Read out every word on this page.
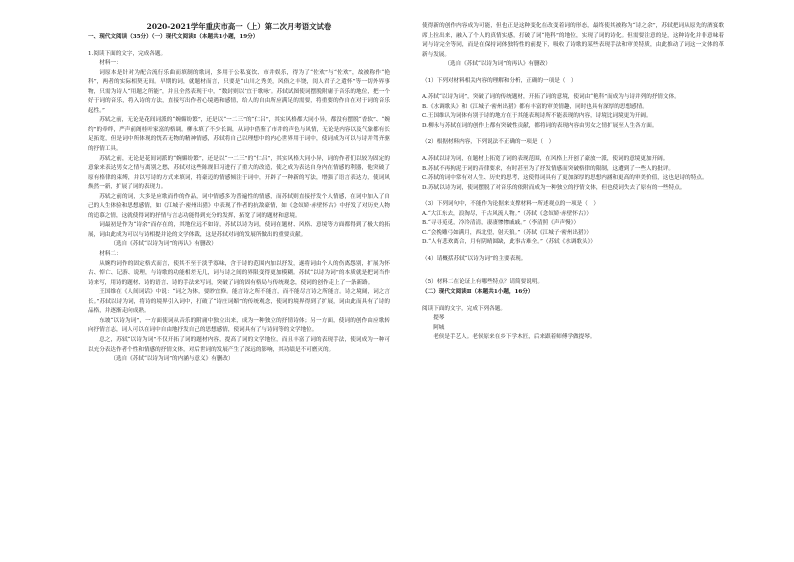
2020-2021学年重庆市高一（上）第二次月考语文试卷

一、现代文阅读（35分）（一）现代文阅读Ⅰ（本题共1小题，19分）

1.阅读下面的文字，完成各题。

材料一：

词原本是针对为配合流行乐曲而填制的歌词，多用于公私宴饮、市井娱乐，得为了“佐欢”与“佐欢”，故被称作“艳科”，两者的实际相契无间。早期的词，就题材而言，只要是“山川之秀美，风俗之丰饶，闺人君子之遣怀”等一切外界事物，只需为诗人“用题之所能”，并且全然表现于中，“数封则以‘宜于歌咏’。苏轼试图使词摆脱附庸于音乐的地位，把一个好于词的音乐，将入诗的方法，直接写出作者心境遇和感情，给人的自由所应满足的需要，将重要的作自在对于词的音乐起性。”

苏轼之前，无论是花间词派的“婉媚纷繁”，还是以“一二三”的“仁吕”，其实风格都大同小异，都没有摆脱“香软”、“婉约”的牵绊，严声前阁桂叶家富的格调。柳永填了不少长调，从词中借鉴了市井的声色与风情，无论是内容以及气象都有长足拓宽，但是词中所体现的恍若无物的精神情感，苏轼将自己以理想中的内心世界用于词中，使词成为可以与诗并驾齐驱的抒情工具。

苏轼之前，无论是花间词派的“婉媚纷繁”，还是以“一二三”的“仁吕”，其实风格大同小异，词的作者们以较为固定的意象来表达男女之情与离别之愁，苏轼对这些陈规旧习进行了重大的改造，使之成为表达自身内在情感的利器，他突破了原有格律的束缚，并以写诗的方式来填词，将豪迈的情感倾注于词中，开辟了一种新的写法，增强了语言表达力，使词风焕然一新，扩展了词的表现力。

苏轼之前的词，大多是应歌而作的作品，词中情感多为普遍性的情感，而苏轼则直接抒发个人情感，在词中加入了自己的人生体验和思想感情，如《江城子·密州出猎》中表现了作者的抗敌豪情，如《念奴娇·赤壁怀古》中抒发了对历史人物的追慕之情，这就使得词的抒情与言志功能得到充分的发挥，拓宽了词的题材和意境。

词最初是作为“诗余”而存在的，其地位远不如诗，苏轼以诗为词，使词在题材、风格、意境等方面都得到了极大的拓展，词由此成为可以与诗相提并论的文学体裁，这是苏轼对词的发展所做出的重要贡献。

（选自《苏轼“以诗为词”的再认》有删改）

材料二：

从婉约词作的固定格式而言，使其不至于淡乎寡味，含于诗的范围内加以抒发，遂将词由个人的伤离怨别，扩展为怀古、悼亡、记游、说理，与诗歌的功能相差无几，词与诗之间的界限变得更加模糊。苏轼“以诗为词”的本质就是把词当作诗来写，用诗的题材、诗的语言、诗的手法来写词，突破了词的固有格局与传统观念，使词的创作走上了一条新路。

王国维在《人间词话》中说：“词之为体，要眇宜修。能言诗之所不能言，而不能尽言诗之所能言。诗之境阔，词之言长。”苏轼以诗为词，将诗的境界引入词中，打破了“诗庄词媚”的传统观念，使词的境界得到了扩展，词由此而具有了诗的品格，并逐渐走向成熟。

东坡“以诗为词”，一方面使词从音乐的附庸中独立出来，成为一种独立的抒情诗体；另一方面，使词的创作由应歌转向抒情言志，词人可以在词中自由地抒发自己的思想感情，使词具有了与诗同等的文学地位。

总之，苏轼“以诗为词”不仅开拓了词的题材内容，提高了词的文学地位，而且丰富了词的表现手法，使词成为一种可以充分表达作者个性和情感的抒情文体，对后世词的发展产生了深远的影响，其功绩是不可磨灭的。

（选自《苏轼“以诗为词”的内涵与意义》有删改）

使得新的创作内容成为可能，但也正是这种变化在改变着词的形态，最终使其被称为“诗之余”，苏轼把词从原先的酒宴歌席上拉出来，融入了个人的真情实感，打破了词“艳科”的地位，实现了词的诗化。但需要注意的是，这种诗化并非意味着词与诗完全等同，而是在保持词体独特性的前提下，吸收了诗歌的某些表现手法和审美特质，由此推动了词这一文体的革新与发展。

（选自《苏轼“以诗为词”的再认》有删改）

（1）下列对材料相关内容的理解和分析，正确的一项是（　）

A.苏轼“以诗为词”，突破了词的传统题材，开拓了词的意境，使词由“艳科”而成为与诗并列的抒情文体。

B.《水调歌头》和《江城子·密州出猎》都有丰富的审美情趣，同时也具有深厚的思想感情。

C.王国维认为词体有别于诗的地方在于其能表现诗所不能表现的内容，诗境比词境更为开阔。

D.柳永与苏轼在词的创作上都有突破性贡献，都将词的表现内容由男女之情扩展至人生各方面。

（2）根据材料内容，下列说法不正确的一项是（　）

A.苏轼以诗为词，在题材上拓宽了词的表现范围，在风格上开创了豪放一派，使词的意境更加开阔。

B.苏轼不再拘泥于词的音律要求，有时甚至为了抒发情感而突破格律的限制，这遭到了一些人的批评。

C.苏轼的词中常有对人生、历史的思考，这使得词具有了更加深厚的思想内涵和更高的审美价值，这也是诗的特点。

D.苏轼以诗为词，使词摆脱了对音乐的依附而成为一种独立的抒情文体，但也使词失去了原有的一些特点。

（3）下列词句中，不能作为论据来支撑材料一所述观点的一项是（　）

A.“大江东去，浪淘尽，千古风流人物。”（苏轼《念奴娇·赤壁怀古》）

B.“寻寻觅觅，冷冷清清，凄凄惨惨戚戚。”（李清照《声声慢》）

C.“会挽雕弓如满月，西北望，射天狼。”（苏轼《江城子·密州出猎》）

D.“人有悲欢离合，月有阴晴圆缺，此事古难全。”（苏轼《水调歌头》）

（4）请概括苏轼“以诗为词”的主要表现。

（5）材料二在论证上有哪些特点？请简要说明。

（二）现代文阅读Ⅱ（本题共1小题，16分）

阅读下面的文字，完成下列各题。

提琴

阿城

老侯是手艺人。老侯原来在乡下学木匠，后来跟着师傅学做提琴。
